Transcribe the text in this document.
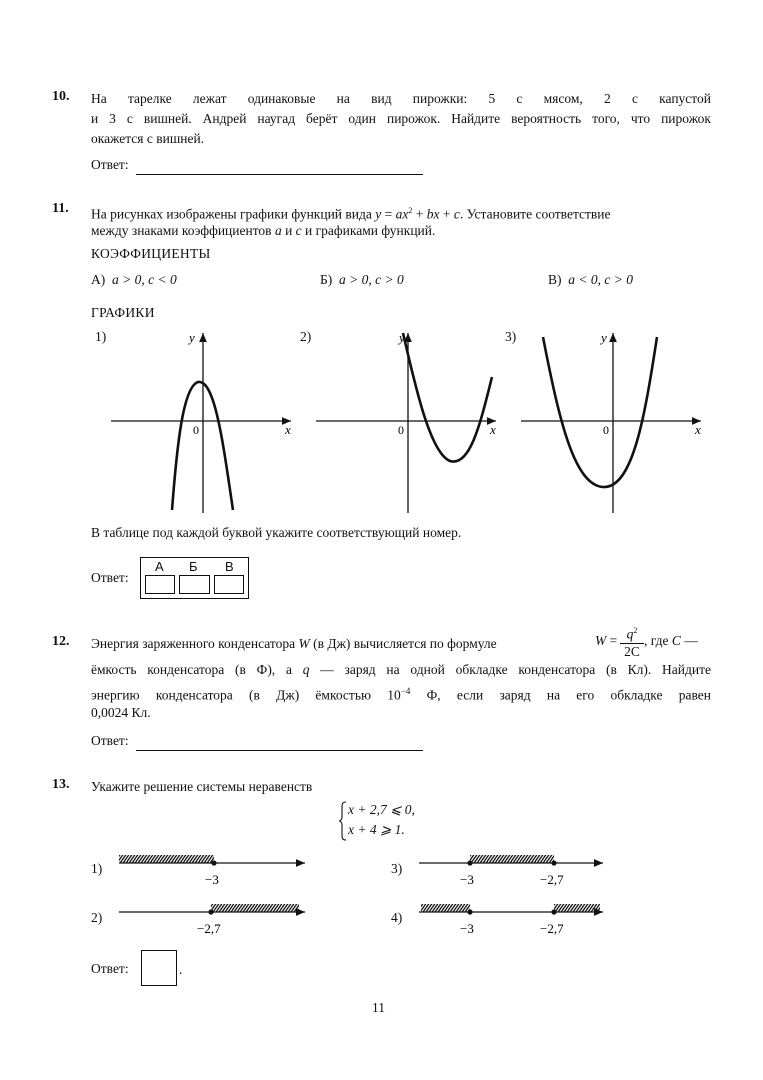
10. На тарелке лежат одинаковые на вид пирожки: 5 с мясом, 2 с капустой
и 3 с вишней. Андрей наугад берёт один пирожок. Найдите вероятность того, что пирожок
окажется с вишней.
Ответ:
11. На рисунках изображены графики функций вида $y = ax^2$ + bx + c. Установите соответствие
между знаками коэффициентов a и c и графиками функций.
КОЭФФИЦИЕНТЫ
А) a > 0, c < 0	Б) a > 0, c > 0	В) a < 0, c > 0
ГРАФИКИ
1)	2)	3)
y
x
0
y
x
0
y
x
0
В таблице под каждой буквой укажите соответствующий номер.
Ответ:
А Б В
12. Энергия заряженного конденсатора W (в Дж) вычисляется по формуле	$W = q^2$
2C
, где C —
ёмкость конденсатора (в Ф), а q — заряд на одной обкладке конденсатора (в Кл). Найдите
энергию конденсатора (в Дж) ёмкостью $10^{-4}$ Ф, если заряд на его обкладке равен
0,0024 Кл.
Ответ:
13. Укажите решение системы неравенств
x + 2,7 ⩽ 0,
x + 4 ⩾ 1.
1)
−3
2)
−2,7
3)
−3	−2,7
4)
−3	−2,7
Ответ:	.
11
